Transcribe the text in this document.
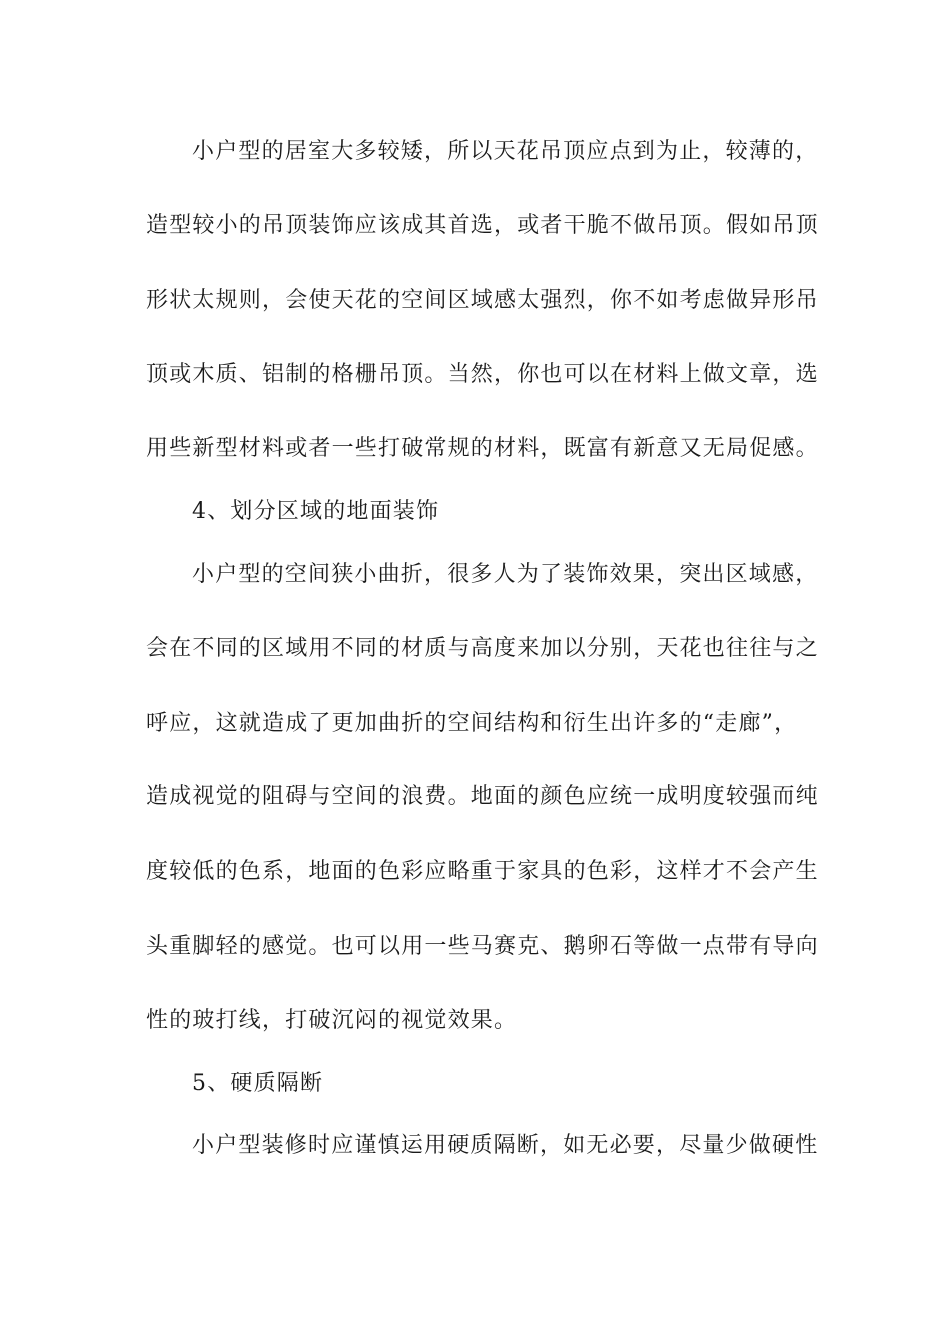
小户型的居室大多较矮，所以天花吊顶应点到为止，较薄的，
造型较小的吊顶装饰应该成其首选，或者干脆不做吊顶。假如吊顶
形状太规则，会使天花的空间区域感太强烈，你不如考虑做异形吊
顶或木质、铝制的格栅吊顶。当然，你也可以在材料上做文章，选
用些新型材料或者一些打破常规的材料，既富有新意又无局促感。
4、划分区域的地面装饰
小户型的空间狭小曲折，很多人为了装饰效果，突出区域感，
会在不同的区域用不同的材质与高度来加以分别，天花也往往与之
呼应，这就造成了更加曲折的空间结构和衍生出许多的“走廊”，
造成视觉的阻碍与空间的浪费。地面的颜色应统一成明度较强而纯
度较低的色系，地面的色彩应略重于家具的色彩，这样才不会产生
头重脚轻的感觉。也可以用一些马赛克、鹅卵石等做一点带有导向
性的玻打线，打破沉闷的视觉效果。
5、硬质隔断
小户型装修时应谨慎运用硬质隔断，如无必要，尽量少做硬性
